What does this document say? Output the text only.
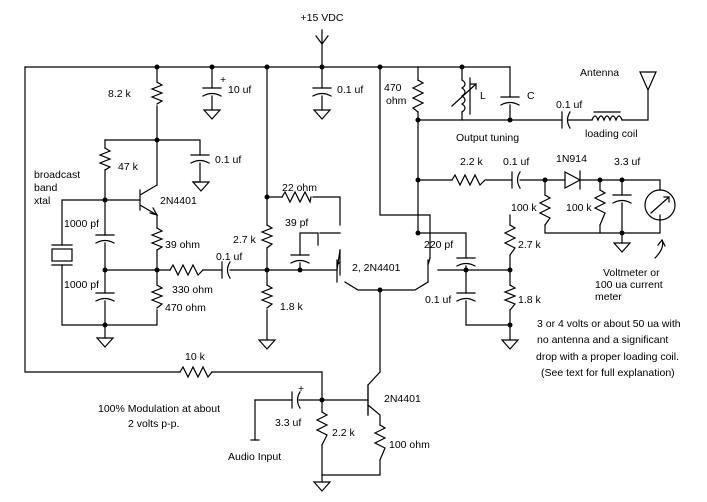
+15 VDC
8.2 k	10 uf
+
0.1 uf 470
ohm	L	C
Output tuning
Antenna
0.1 uf
loading coil
broadcast
band
xtal
47 k
0.1 uf
2N4401
1000 pf
1000 pf
39 ohm
330 ohm
470 ohm
0.1 uf
22 ohm
39 pf
2.7 k
1.8 k
2, 2N4401
220 pf	2.7 k
0.1 uf	1.8 k
2.2 k 0.1 uf	1N914	3.3 uf
100 k	100 k
Voltmeter or
100 ua current
meter
3 or 4 volts or about 50 ua with
no antenna and a significant
drop with a proper loading coil.
(See text for full explanation)
10 k
2N4401
+
3.3 uf
2.2 k
100 ohm
Audio Input
100% Modulation at about
2 volts p-p.
